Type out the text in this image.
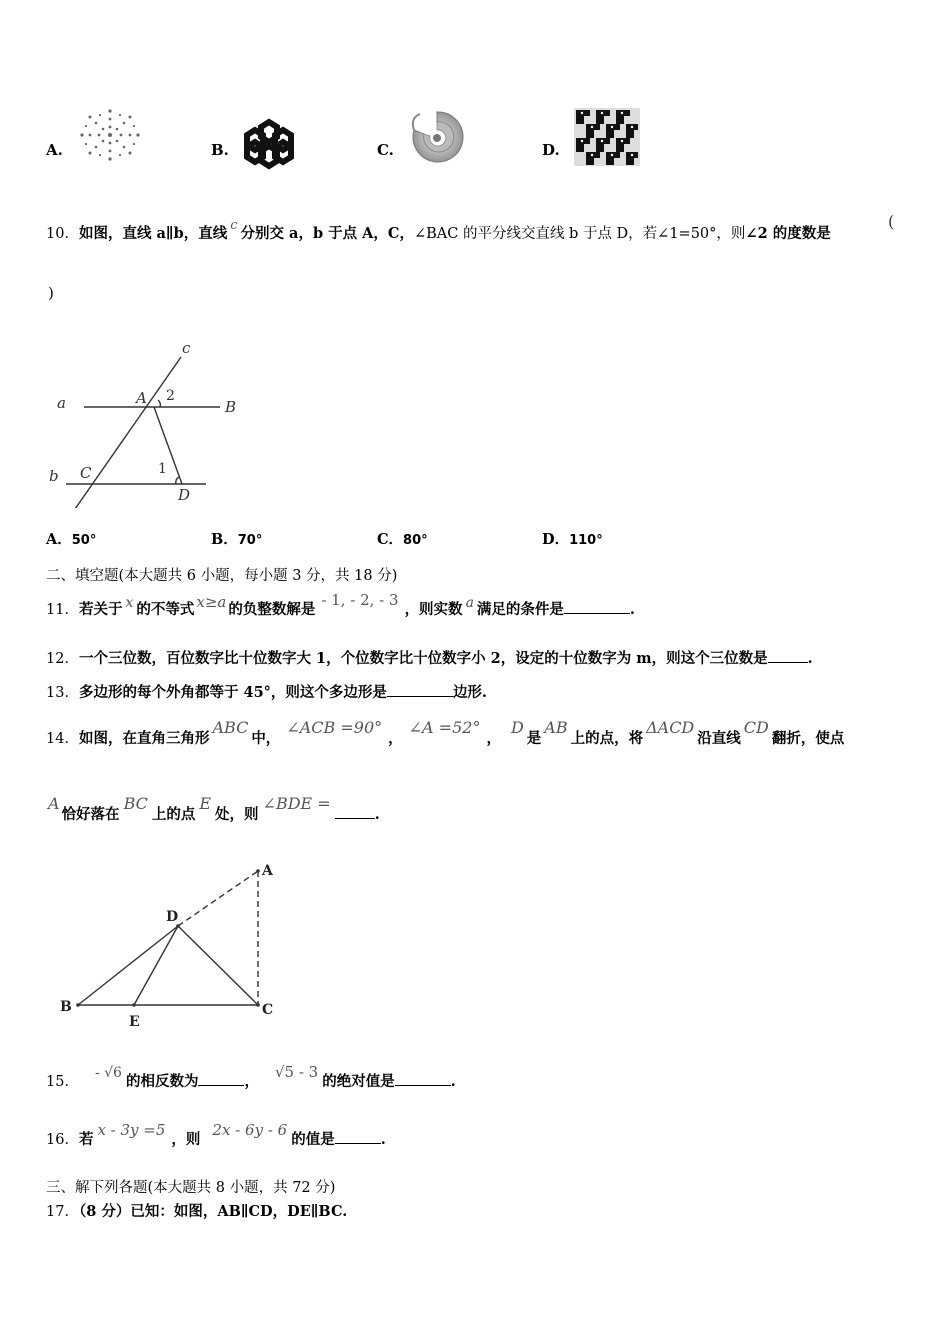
A.	B.	C.	D.
10．如图，直线 a∥b，直线 c 分别交 a，b 于点 A，C，∠BAC 的平分线交直线 b 于点 D，若∠1=50°，则∠2 的度数是
(
)
c
a	A	B
b C
D
2
1
A．50°	B．70°	C．80°	D．110°
二、填空题(本大题共 6 小题，每小题 3 分，共 18 分)
11．若关于 x 的不等式 x≥a 的负整数解是- 1, - 2, - 3，则实数 a 满足的条件是	.
12．一个三位数，百位数字比十位数字大 1，个位数字比十位数字小 2，设定的十位数字为 m，则这个三位数是	.
13．多边形的每个外角都等于 45°，则这个多边形是	边形.
14．如图，在直角三角形ABC中，∠ACB =90°，∠A =52°，D是AB上的点，将ΔACD沿直线CD翻折，使点
A恰好落在BC上的点E处，则∠BDE =.
A
D
B
E
C
15．- √6 的相反数为	，√5 - 3的绝对值是	.
16．若x - 3y =5，则2x - 6y - 6的值是	.
三、解下列各题(本大题共 8 小题，共 72 分)
17．（8 分）已知：如图，AB∥CD，DE∥BC.
